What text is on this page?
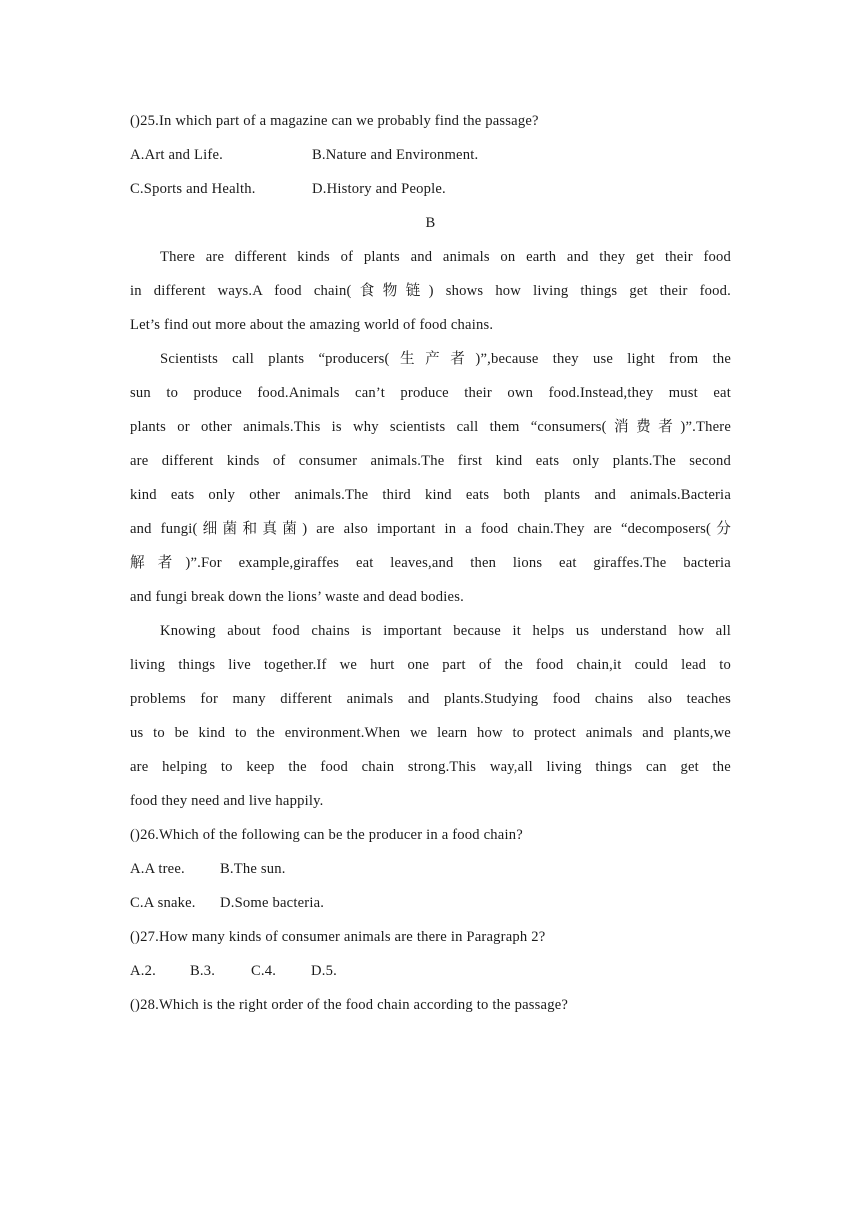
()25.In which part of a magazine can we probably find the passage?
A.Art and Life.	B.Nature and Environment.
C.Sports and Health.	D.History and People.
B
There are different kinds of plants and animals on earth and they get their food
in different ways.A food chain(食物链) shows how living things get their food.
Let’s find out more about the amazing world of food chains.
Scientists call plants “producers(生产者)”,because they use light from the
sun to produce food.Animals can’t produce their own food.Instead,they must eat
plants or other animals.This is why scientists call them “consumers(消费者)”.There
are different kinds of consumer animals.The first kind eats only plants.The second
kind eats only other animals.The third kind eats both plants and animals.Bacteria
and fungi(细菌和真菌) are also important in a food chain.They are “decomposers(分
解者)”.For example,giraffes eat leaves,and then lions eat giraffes.The bacteria
and fungi break down the lions’ waste and dead bodies.
Knowing about food chains is important because it helps us understand how all
living things live together.If we hurt one part of the food chain,it could lead to
problems for many different animals and plants.Studying food chains also teaches
us to be kind to the environment.When we learn how to protect animals and plants,we
are helping to keep the food chain strong.This way,all living things can get the
food they need and live happily.
()26.Which of the following can be the producer in a food chain?
A.A tree. B.The sun.
C.A snake. D.Some bacteria.
()27.How many kinds of consumer animals are there in Paragraph 2?
A.2. B.3. C.4. D.5.
()28.Which is the right order of the food chain according to the passage?
